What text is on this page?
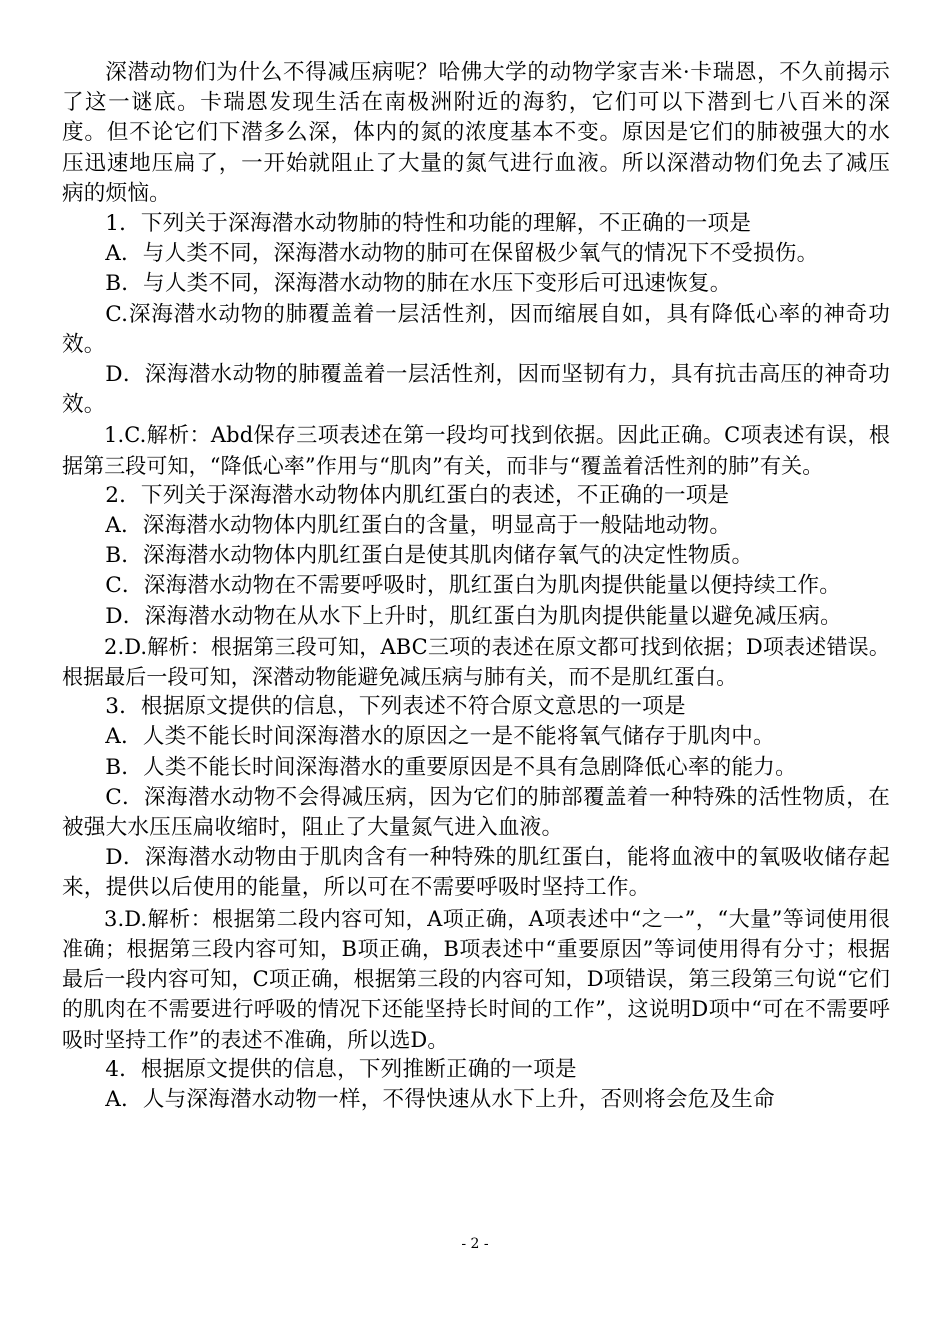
深潜动物们为什么不得减压病呢？哈佛大学的动物学家吉米·卡瑞恩，不久前揭示了这一谜底。卡瑞恩发现生活在南极洲附近的海豹，它们可以下潜到七八百米的深度。但不论它们下潜多么深，体内的氮的浓度基本不变。原因是它们的肺被强大的水压迅速地压扁了，一开始就阻止了大量的氮气进行血液。所以深潜动物们免去了减压病的烦恼。

1．下列关于深海潜水动物肺的特性和功能的理解，不正确的一项是

A．与人类不同，深海潜水动物的肺可在保留极少氧气的情况下不受损伤。

B．与人类不同，深海潜水动物的肺在水压下变形后可迅速恢复。

C.深海潜水动物的肺覆盖着一层活性剂，因而缩展自如，具有降低心率的神奇功效。

D．深海潜水动物的肺覆盖着一层活性剂，因而坚韧有力，具有抗击高压的神奇功效。

1.C.解析：Abd保存三项表述在第一段均可找到依据。因此正确。C项表述有误，根据第三段可知，“降低心率”作用与“肌肉”有关，而非与“覆盖着活性剂的肺”有关。

2．下列关于深海潜水动物体内肌红蛋白的表述，不正确的一项是

A．深海潜水动物体内肌红蛋白的含量，明显高于一般陆地动物。

B．深海潜水动物体内肌红蛋白是使其肌肉储存氧气的决定性物质。

C．深海潜水动物在不需要呼吸时，肌红蛋白为肌肉提供能量以便持续工作。

D．深海潜水动物在从水下上升时，肌红蛋白为肌肉提供能量以避免减压病。

2.D.解析：根据第三段可知，ABC三项的表述在原文都可找到依据；D项表述错误。根据最后一段可知，深潜动物能避免减压病与肺有关，而不是肌红蛋白。

3．根据原文提供的信息，下列表述不符合原文意思的一项是

A．人类不能长时间深海潜水的原因之一是不能将氧气储存于肌肉中。

B．人类不能长时间深海潜水的重要原因是不具有急剧降低心率的能力。

C．深海潜水动物不会得减压病，因为它们的肺部覆盖着一种特殊的活性物质，在被强大水压压扁收缩时，阻止了大量氮气进入血液。

D．深海潜水动物由于肌肉含有一种特殊的肌红蛋白，能将血液中的氧吸收储存起来，提供以后使用的能量，所以可在不需要呼吸时坚持工作。

3.D.解析：根据第二段内容可知，A项正确，A项表述中“之一”，“大量”等词使用很准确；根据第三段内容可知，B项正确，B项表述中“重要原因”等词使用得有分寸；根据最后一段内容可知，C项正确，根据第三段的内容可知，D项错误，第三段第三句说“它们的肌肉在不需要进行呼吸的情况下还能坚持长时间的工作”，这说明D项中“可在不需要呼吸时坚持工作”的表述不准确，所以选D。

4．根据原文提供的信息，下列推断正确的一项是

A．人与深海潜水动物一样，不得快速从水下上升，否则将会危及生命

- 2 -
